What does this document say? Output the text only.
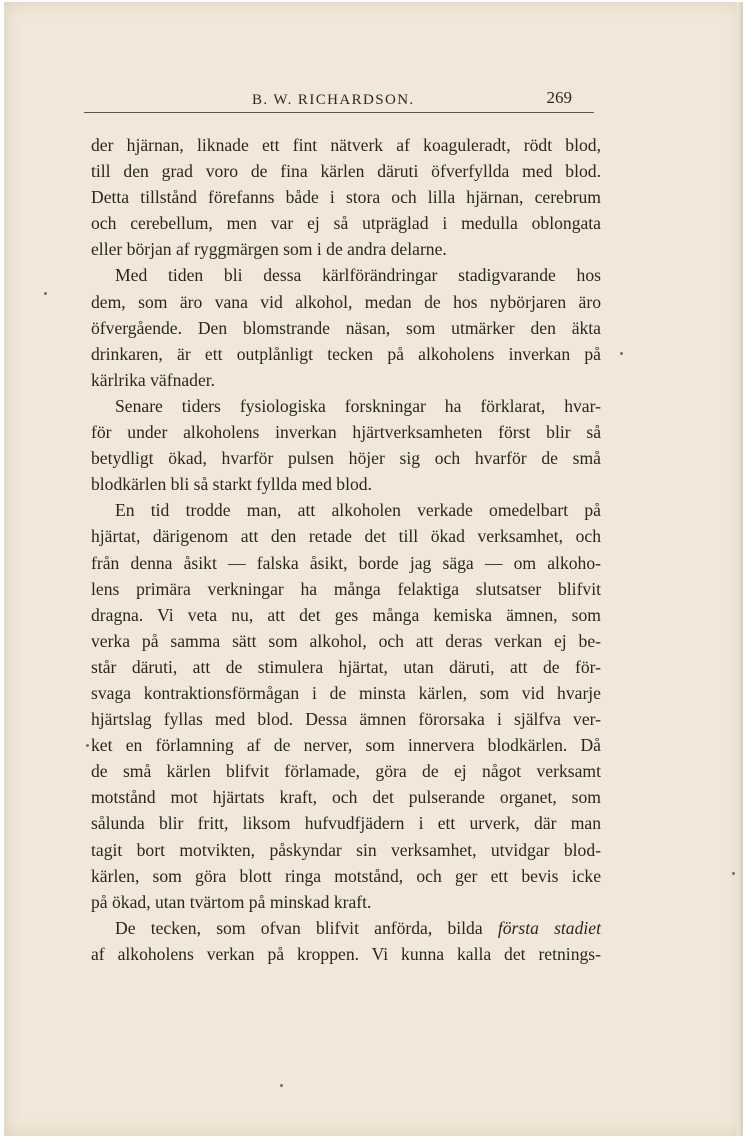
B. W. RICHARDSON.	269
der hjärnan, liknade ett fint nätverk af koaguleradt, rödt blod,
till den grad voro de fina kärlen däruti öfverfyllda med blod.
Detta tillstånd förefanns både i stora och lilla hjärnan, cerebrum
och cerebellum, men var ej så utpräglad i medulla oblongata
eller början af ryggmärgen som i de andra delarne.
Med tiden bli dessa kärlförändringar stadigvarande hos
dem, som äro vana vid alkohol, medan de hos nybörjaren äro
öfvergående. Den blomstrande näsan, som utmärker den äkta
drinkaren, är ett outplånligt tecken på alkoholens inverkan på
kärlrika väfnader.
Senare tiders fysiologiska forskningar ha förklarat, hvar-
för under alkoholens inverkan hjärtverksamheten först blir så
betydligt ökad, hvarför pulsen höjer sig och hvarför de små
blodkärlen bli så starkt fyllda med blod.
En tid trodde man, att alkoholen verkade omedelbart på
hjärtat, därigenom att den retade det till ökad verksamhet, och
från denna åsikt — falska åsikt, borde jag säga — om alkoho-
lens primära verkningar ha många felaktiga slutsatser blifvit
dragna. Vi veta nu, att det ges många kemiska ämnen, som
verka på samma sätt som alkohol, och att deras verkan ej be-
står däruti, att de stimulera hjärtat, utan däruti, att de för-
svaga kontraktionsförmågan i de minsta kärlen, som vid hvarje
hjärtslag fyllas med blod. Dessa ämnen förorsaka i själfva ver-
ket en förlamning af de nerver, som innervera blodkärlen. Då
de små kärlen blifvit förlamade, göra de ej något verksamt
motstånd mot hjärtats kraft, och det pulserande organet, som
sålunda blir fritt, liksom hufvudfjädern i ett urverk, där man
tagit bort motvikten, påskyndar sin verksamhet, utvidgar blod-
kärlen, som göra blott ringa motstånd, och ger ett bevis icke
på ökad, utan tvärtom på minskad kraft.
De tecken, som ofvan blifvit anförda, bilda första stadiet
af alkoholens verkan på kroppen. Vi kunna kalla det retnings-
